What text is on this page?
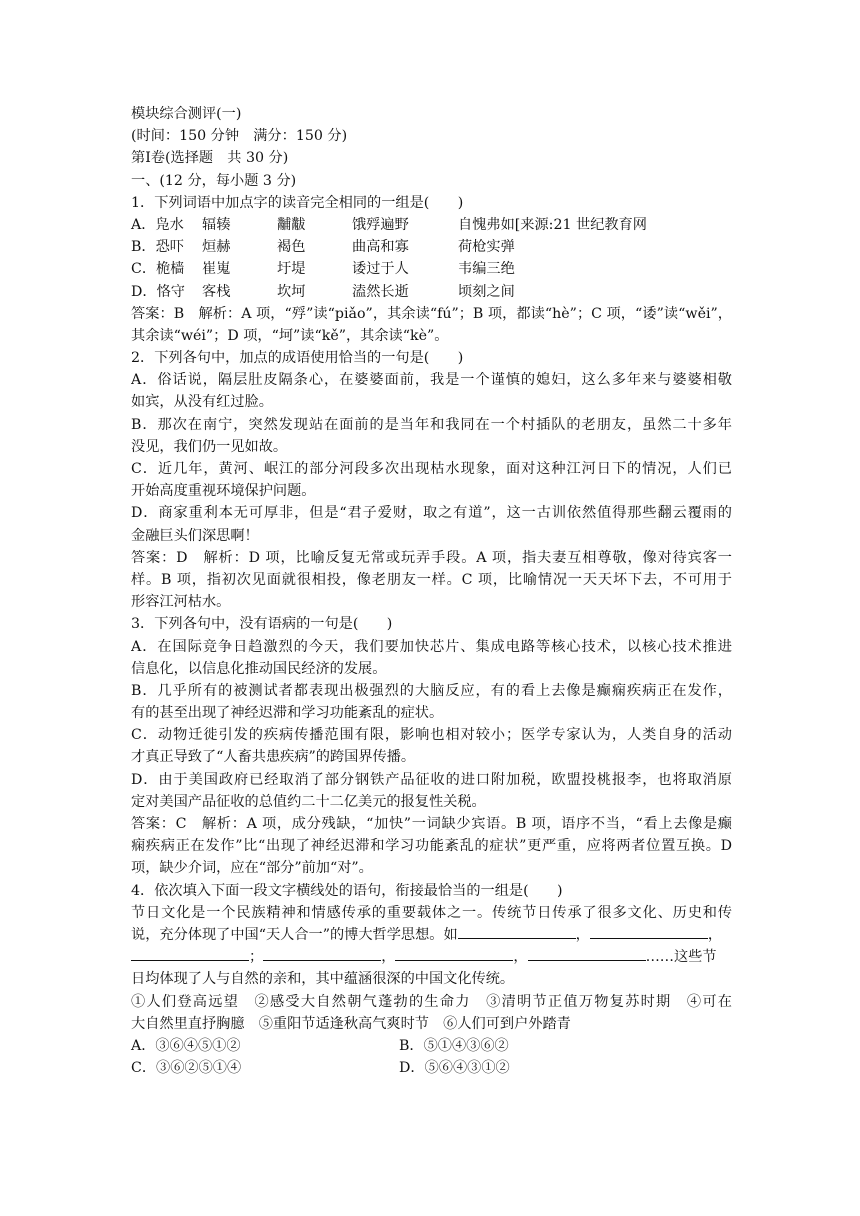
模块综合测评(一)
(时间：150 分钟　满分：150 分)
第Ⅰ卷(选择题　共 30 分)
一、(12 分，每小题 3 分)
1．下列词语中加点字的读音完全相同的一组是(　　)
A．凫水	辐辏	黼黻	饿殍遍野	自愧弗如[来源:21 世纪教育网
B．恐吓	烜赫	褐色	曲高和寡	荷枪实弹
C．桅樯	崔嵬	圩堤	诿过于人	韦编三绝
D．恪守	客栈	坎坷	溘然长逝	顷刻之间
答案：B　解析：A 项，“殍”读“piǎo”，其余读“fú”；B 项，都读“hè”；C 项，“诿”读“wěi”，
其余读“wéi”；D 项，“坷”读“kě”，其余读“kè”。
2．下列各句中，加点的成语使用恰当的一句是(　　)
A．俗话说，隔层肚皮隔条心，在婆婆面前，我是一个谨慎的媳妇，这么多年来与婆婆相敬
如宾，从没有红过脸。
B．那次在南宁，突然发现站在面前的是当年和我同在一个村插队的老朋友，虽然二十多年
没见，我们仍一见如故。
C．近几年，黄河、岷江的部分河段多次出现枯水现象，面对这种江河日下的情况，人们已
开始高度重视环境保护问题。
D．商家重利本无可厚非，但是“君子爱财，取之有道”，这一古训依然值得那些翻云覆雨的
金融巨头们深思啊！
答案：D　解析：D 项，比喻反复无常或玩弄手段。A 项，指夫妻互相尊敬，像对待宾客一
样。B 项，指初次见面就很相投，像老朋友一样。C 项，比喻情况一天天坏下去，不可用于
形容江河枯水。
3．下列各句中，没有语病的一句是(　　)
A．在国际竞争日趋激烈的今天，我们要加快芯片、集成电路等核心技术，以核心技术推进
信息化，以信息化推动国民经济的发展。
B．几乎所有的被测试者都表现出极强烈的大脑反应，有的看上去像是癫痫疾病正在发作，
有的甚至出现了神经迟滞和学习功能紊乱的症状。
C．动物迁徙引发的疾病传播范围有限，影响也相对较小；医学专家认为，人类自身的活动
才真正导致了“人畜共患疾病”的跨国界传播。
D．由于美国政府已经取消了部分钢铁产品征收的进口附加税，欧盟投桃报李，也将取消原
定对美国产品征收的总值约二十二亿美元的报复性关税。
答案：C　解析：A 项，成分残缺，“加快”一词缺少宾语。B 项，语序不当，“看上去像是癫
痫疾病正在发作”比“出现了神经迟滞和学习功能紊乱的症状”更严重，应将两者位置互换。D
项，缺少介词，应在“部分”前加“对”。
4．依次填入下面一段文字横线处的语句，衔接最恰当的一组是(　　)
节日文化是一个民族精神和情感传承的重要载体之一。传统节日传承了很多文化、历史和传
说，充分体现了中国“天人合一”的博大哲学思想。如	，	，
；	，	，	……这些节
日均体现了人与自然的亲和，其中蕴涵很深的中国文化传统。
①人们登高远望　②感受大自然朝气蓬勃的生命力　③清明节正值万物复苏时期　④可在
大自然里直抒胸臆　⑤重阳节适逢秋高气爽时节　⑥人们可到户外踏青
A．③⑥④⑤①②	B．⑤①④③⑥②
C．③⑥②⑤①④	D．⑤⑥④③①②
